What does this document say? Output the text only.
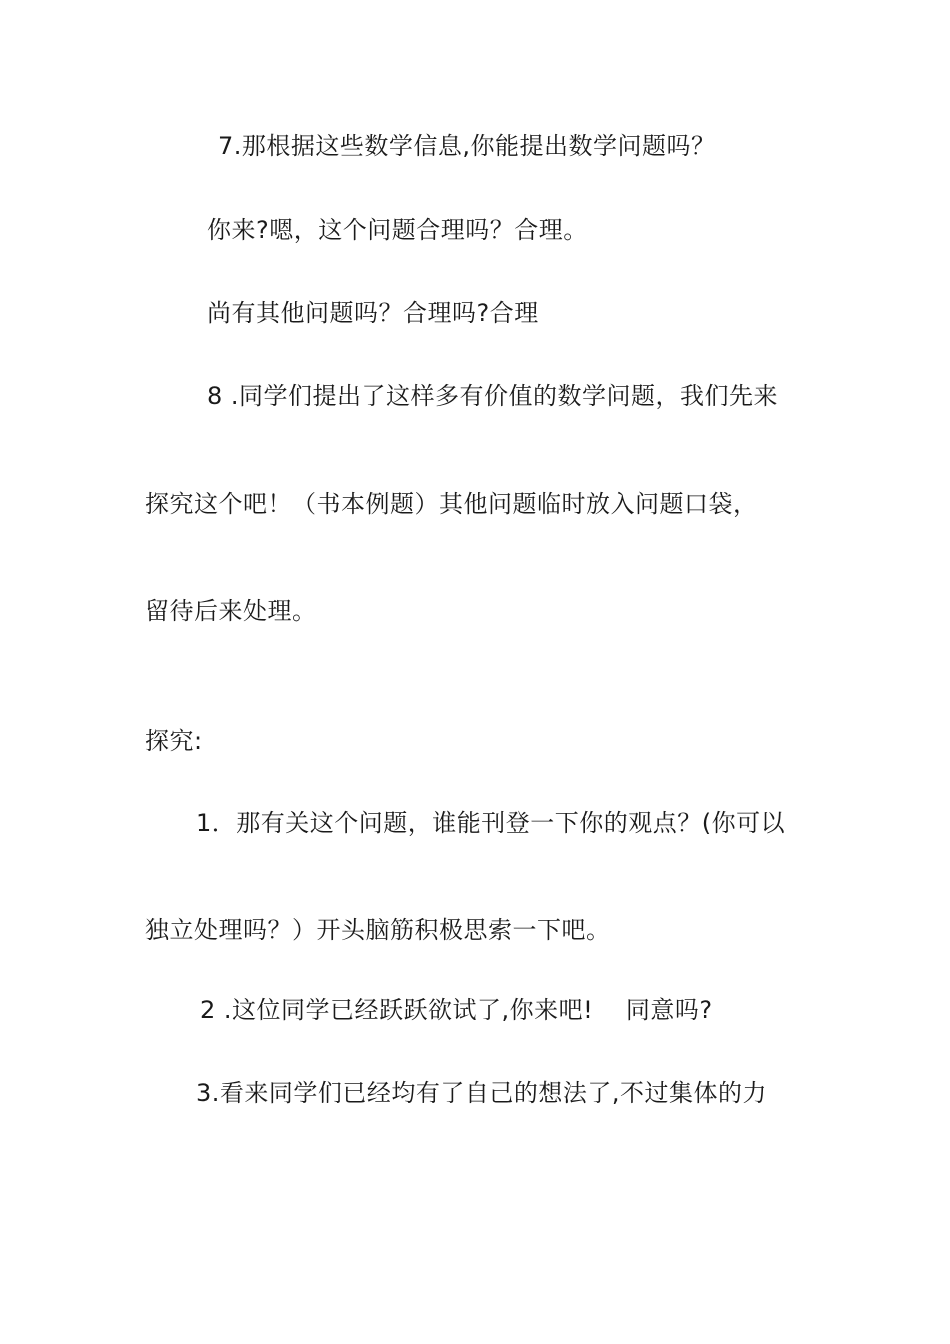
7.那根据这些数学信息,你能提出数学问题吗？
你来?嗯，这个问题合理吗？合理。
尚有其他问题吗？合理吗?合理
8 .同学们提出了这样多有价值的数学问题，我们先来
探究这个吧！（书本例题）其他问题临时放入问题口袋，
留待后来处理。
探究:
1．那有关这个问题，谁能刊登一下你的观点？(你可以
独立处理吗？）开头脑筋积极思索一下吧。
2 .这位同学已经跃跃欲试了,你来吧!　 同意吗?
3.看来同学们已经均有了自己的想法了,不过集体的力
